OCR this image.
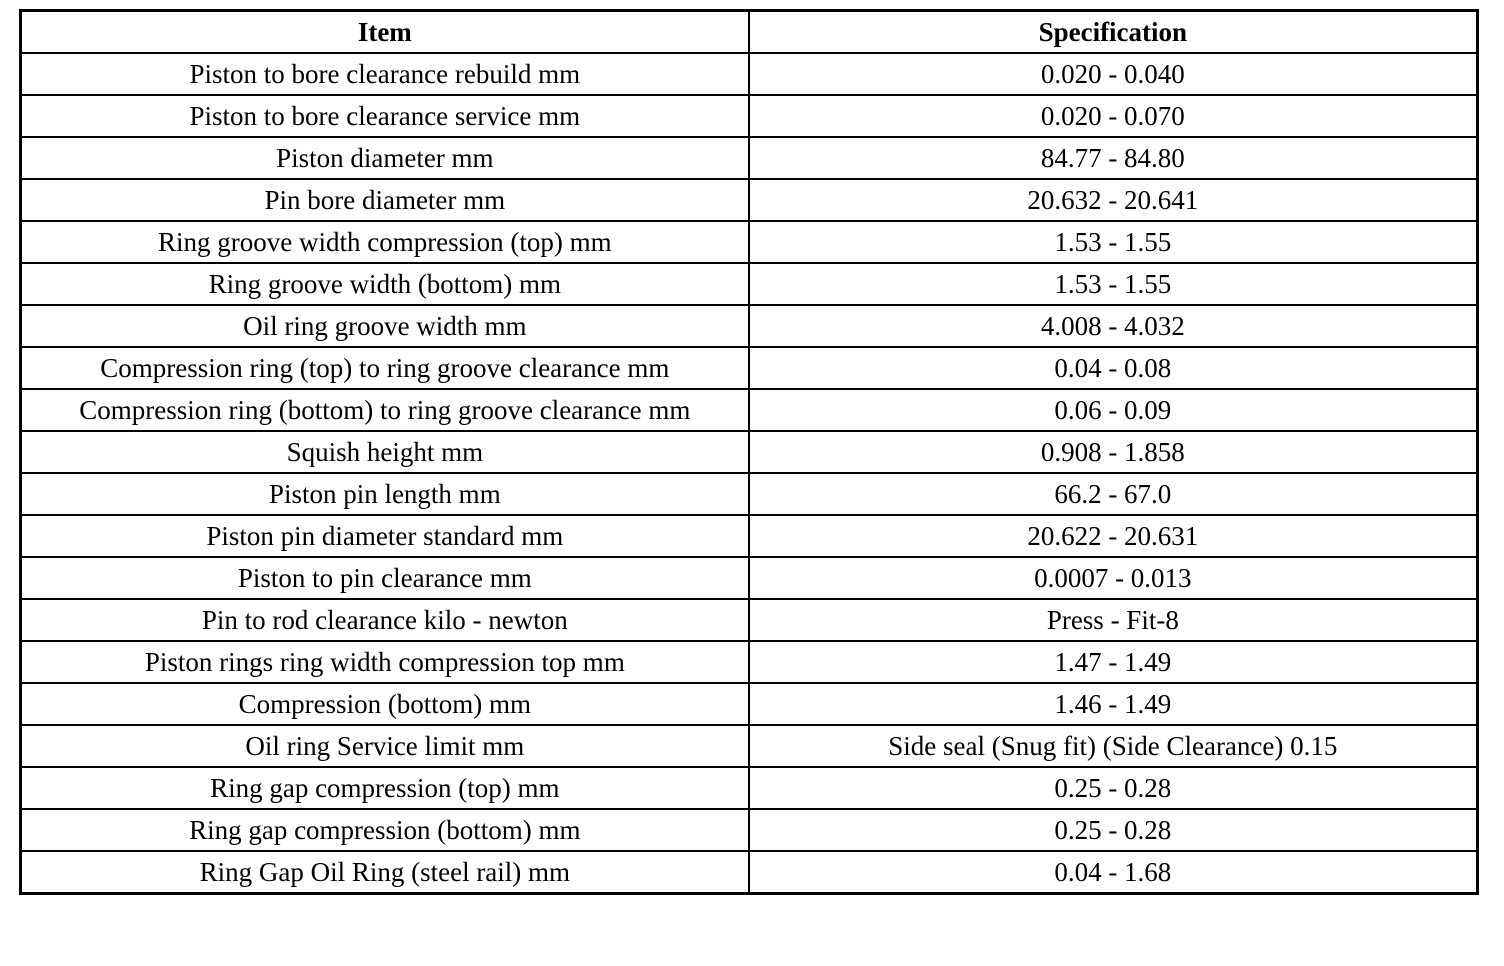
Item	Specification
Piston to bore clearance rebuild mm	0.020 - 0.040
Piston to bore clearance service mm	0.020 - 0.070
Piston diameter mm	84.77 - 84.80
Pin bore diameter mm	20.632 - 20.641
Ring groove width compression (top) mm	1.53 - 1.55
Ring groove width (bottom) mm	1.53 - 1.55
Oil ring groove width mm	4.008 - 4.032
Compression ring (top) to ring groove clearance mm	0.04 - 0.08
Compression ring (bottom) to ring groove clearance mm	0.06 - 0.09
Squish height mm	0.908 - 1.858
Piston pin length mm	66.2 - 67.0
Piston pin diameter standard mm	20.622 - 20.631
Piston to pin clearance mm	0.0007 - 0.013
Pin to rod clearance kilo - newton	Press - Fit-8
Piston rings ring width compression top mm	1.47 - 1.49
Compression (bottom) mm	1.46 - 1.49
Oil ring Service limit mm	Side seal (Snug fit) (Side Clearance) 0.15
Ring gap compression (top) mm	0.25 - 0.28
Ring gap compression (bottom) mm	0.25 - 0.28
Ring Gap Oil Ring (steel rail) mm	0.04 - 1.68
